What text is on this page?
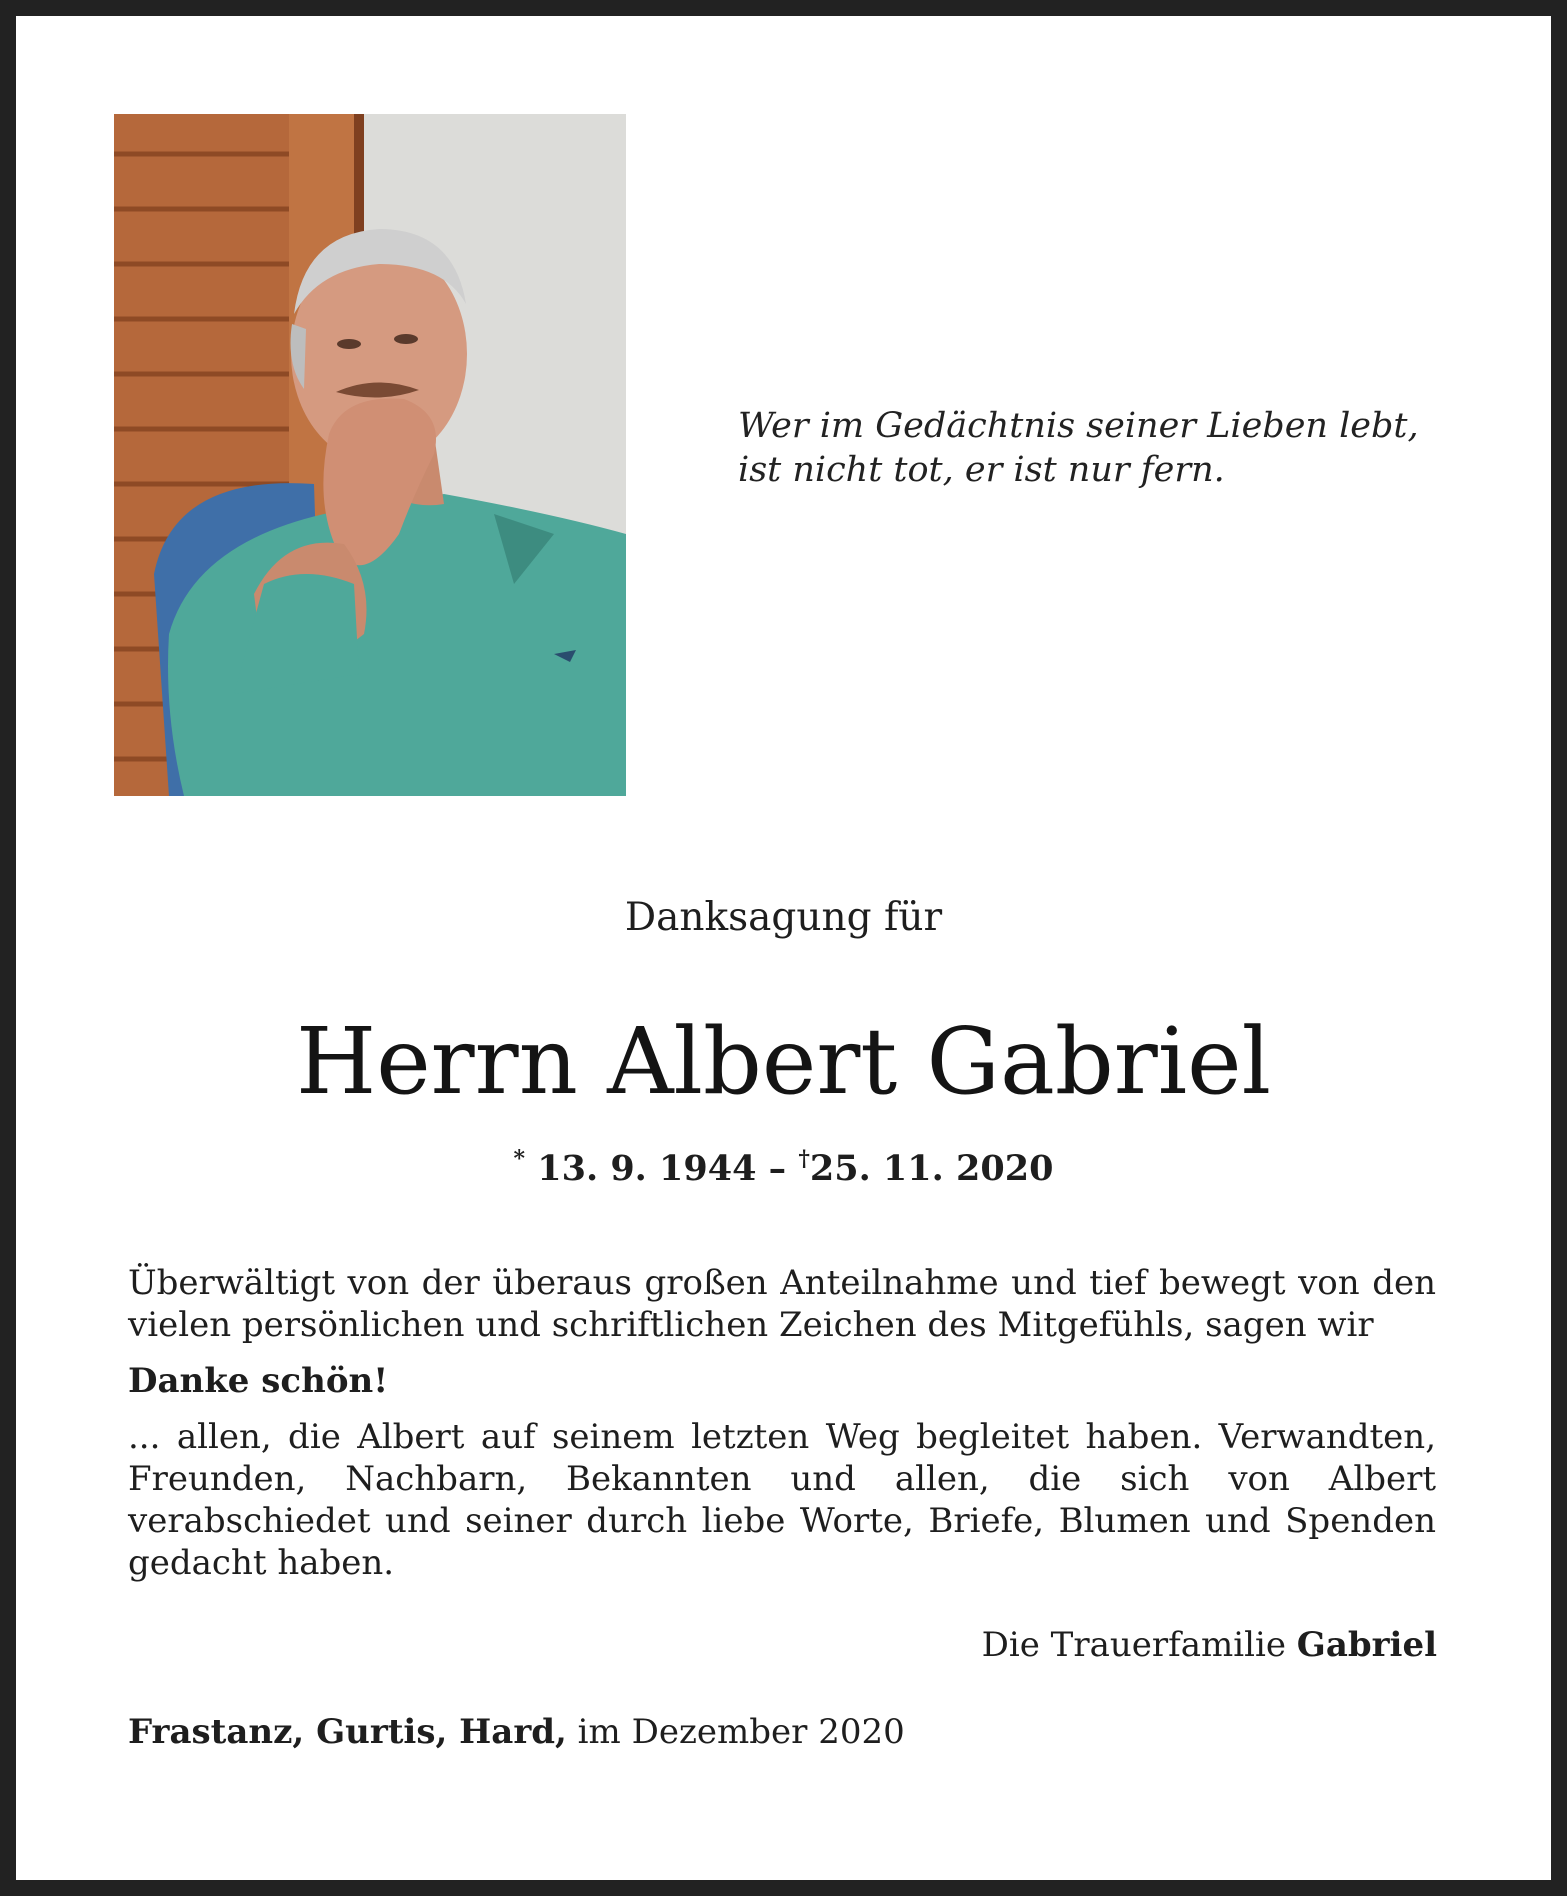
Wer im Gedächtnis seiner Lieben lebt,
ist nicht tot, er ist nur fern.
Danksagung für
Herrn Albert Gabriel
* 13. 9. 1944 – †25. 11. 2020
Überwältigt von der überaus großen Anteilnahme und tief bewegt von den vielen persönlichen und schriftlichen Zeichen des Mitgefühls, sagen wir
Danke schön!
... allen, die Albert auf seinem letzten Weg begleitet haben. Verwandten, Freunden, Nachbarn, Bekannten und allen, die sich von Albert verabschiedet und seiner durch liebe Worte, Briefe, Blumen und Spenden gedacht haben.
Die Trauerfamilie Gabriel
Frastanz, Gurtis, Hard, im Dezember 2020
